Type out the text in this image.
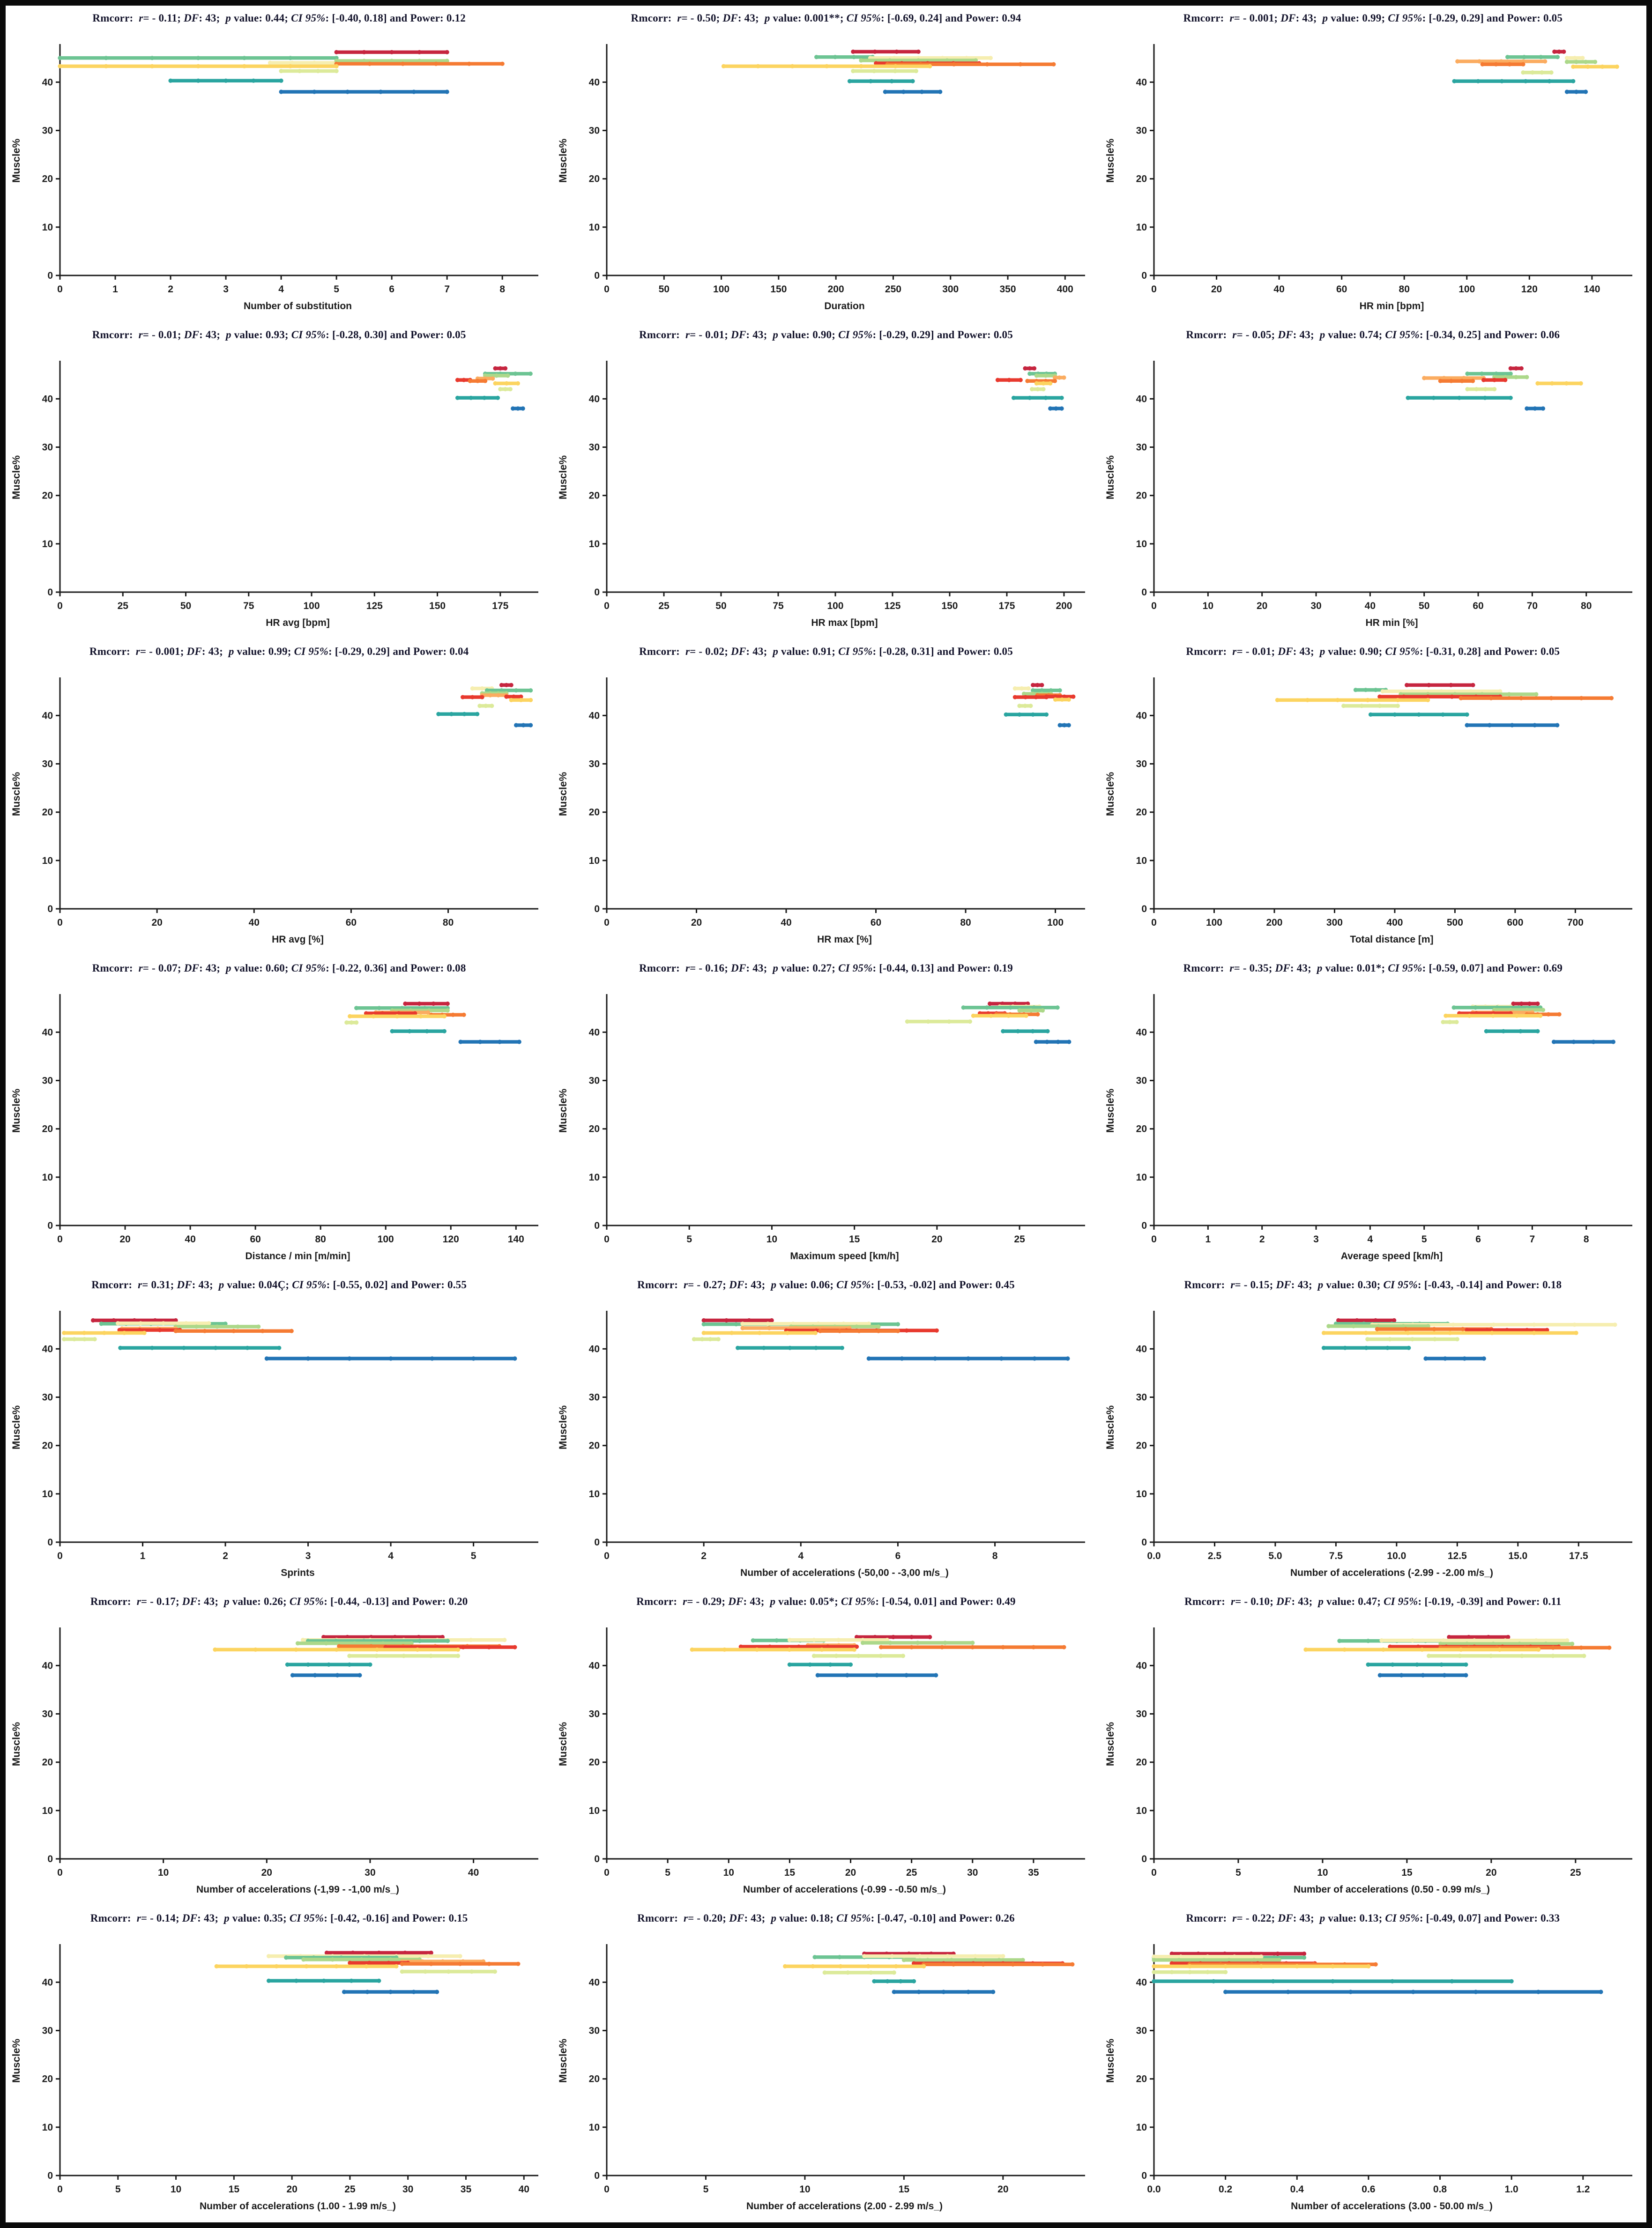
Rmcorr:  r= - 0.11; DF: 43;  p value: 0.44; CI 95%: [-0.40, 0.18] and Power: 0.12
0
10
20
30
40
0	1	2	3	4	5	6	7	8
Number of substitution
Muscle%
Rmcorr:  r= - 0.50; DF: 43;  p value: 0.001**; CI 95%: [-0.69, 0.24] and Power: 0.94
0
10
20
30
40
0	50	100	150	200	250	300	350	400
Duration
Muscle%
Rmcorr:  r= - 0.001; DF: 43;  p value: 0.99; CI 95%: [-0.29, 0.29] and Power: 0.05
0
10
20
30
40
0	20	40	60	80	100	120	140
HR min [bpm]
Muscle%
Rmcorr:  r= - 0.01; DF: 43;  p value: 0.93; CI 95%: [-0.28, 0.30] and Power: 0.05
0
10
20
30
40
0	25	50	75	100	125	150	175
HR avg [bpm]
Muscle%
Rmcorr:  r= - 0.01; DF: 43;  p value: 0.90; CI 95%: [-0.29, 0.29] and Power: 0.05
0
10
20
30
40
0	25	50	75	100	125	150	175	200
HR max [bpm]
Muscle%
Rmcorr:  r= - 0.05; DF: 43;  p value: 0.74; CI 95%: [-0.34, 0.25] and Power: 0.06
0
10
20
30
40
0	10	20	30	40	50	60	70	80
HR min [%]
Muscle%
Rmcorr:  r= - 0.001; DF: 43;  p value: 0.99; CI 95%: [-0.29, 0.29] and Power: 0.04
0
10
20
30
40
0	20	40	60	80
HR avg [%]
Muscle%
Rmcorr:  r= - 0.02; DF: 43;  p value: 0.91; CI 95%: [-0.28, 0.31] and Power: 0.05
0
10
20
30
40
0	20	40	60	80	100
HR max [%]
Muscle%
Rmcorr:  r= - 0.01; DF: 43;  p value: 0.90; CI 95%: [-0.31, 0.28] and Power: 0.05
0
10
20
30
40
0	100	200	300	400	500	600	700
Total distance [m]
Muscle%
Rmcorr:  r= - 0.07; DF: 43;  p value: 0.60; CI 95%: [-0.22, 0.36] and Power: 0.08
0
10
20
30
40
0	20	40	60	80	100	120	140
Distance / min [m/min]
Muscle%
Rmcorr:  r= - 0.16; DF: 43;  p value: 0.27; CI 95%: [-0.44, 0.13] and Power: 0.19
0
10
20
30
40
0	5	10	15	20	25
Maximum speed [km/h]
Muscle%
Rmcorr:  r= - 0.35; DF: 43;  p value: 0.01*; CI 95%: [-0.59, 0.07] and Power: 0.69
0
10
20
30
40
0	1	2	3	4	5	6	7	8
Average speed [km/h]
Muscle%
Rmcorr:  r= 0.31; DF: 43;  p value: 0.04Ç; CI 95%: [-0.55, 0.02] and Power: 0.55
0
10
20
30
40
0	1	2	3	4	5
Sprints
Muscle%
Rmcorr:  r= - 0.27; DF: 43;  p value: 0.06; CI 95%: [-0.53, -0.02] and Power: 0.45
0
10
20
30
40
0	2	4	6	8
Number of accelerations (-50,00 - -3,00 m/s_)
Muscle%
Rmcorr:  r= - 0.15; DF: 43;  p value: 0.30; CI 95%: [-0.43, -0.14] and Power: 0.18
0
10
20
30
40
0.0	2.5	5.0	7.5	10.0	12.5	15.0	17.5
Number of accelerations (-2.99 - -2.00 m/s_)
Muscle%
Rmcorr:  r= - 0.17; DF: 43;  p value: 0.26; CI 95%: [-0.44, -0.13] and Power: 0.20
0
10
20
30
40
0	10	20	30	40
Number of accelerations (-1,99 - -1,00 m/s_)
Muscle%
Rmcorr:  r= - 0.29; DF: 43;  p value: 0.05*; CI 95%: [-0.54, 0.01] and Power: 0.49
0
10
20
30
40
0	5	10	15	20	25	30	35
Number of accelerations (-0.99 - -0.50 m/s_)
Muscle%
Rmcorr:  r= - 0.10; DF: 43;  p value: 0.47; CI 95%: [-0.19, -0.39] and Power: 0.11
0
10
20
30
40
0	5	10	15	20	25
Number of accelerations (0.50 - 0.99 m/s_)
Muscle%
Rmcorr:  r= - 0.14; DF: 43;  p value: 0.35; CI 95%: [-0.42, -0.16] and Power: 0.15
0
10
20
30
40
0	5	10	15	20	25	30	35	40
Number of accelerations (1.00 - 1.99 m/s_)
Muscle%
Rmcorr:  r= - 0.20; DF: 43;  p value: 0.18; CI 95%: [-0.47, -0.10] and Power: 0.26
0
10
20
30
40
0	5	10	15	20
Number of accelerations (2.00 - 2.99 m/s_)
Muscle%
Rmcorr:  r= - 0.22; DF: 43;  p value: 0.13; CI 95%: [-0.49, 0.07] and Power: 0.33
0
10
20
30
40
0.0	0.2	0.4	0.6	0.8	1.0	1.2
Number of accelerations (3.00 - 50.00 m/s_)
Muscle%
